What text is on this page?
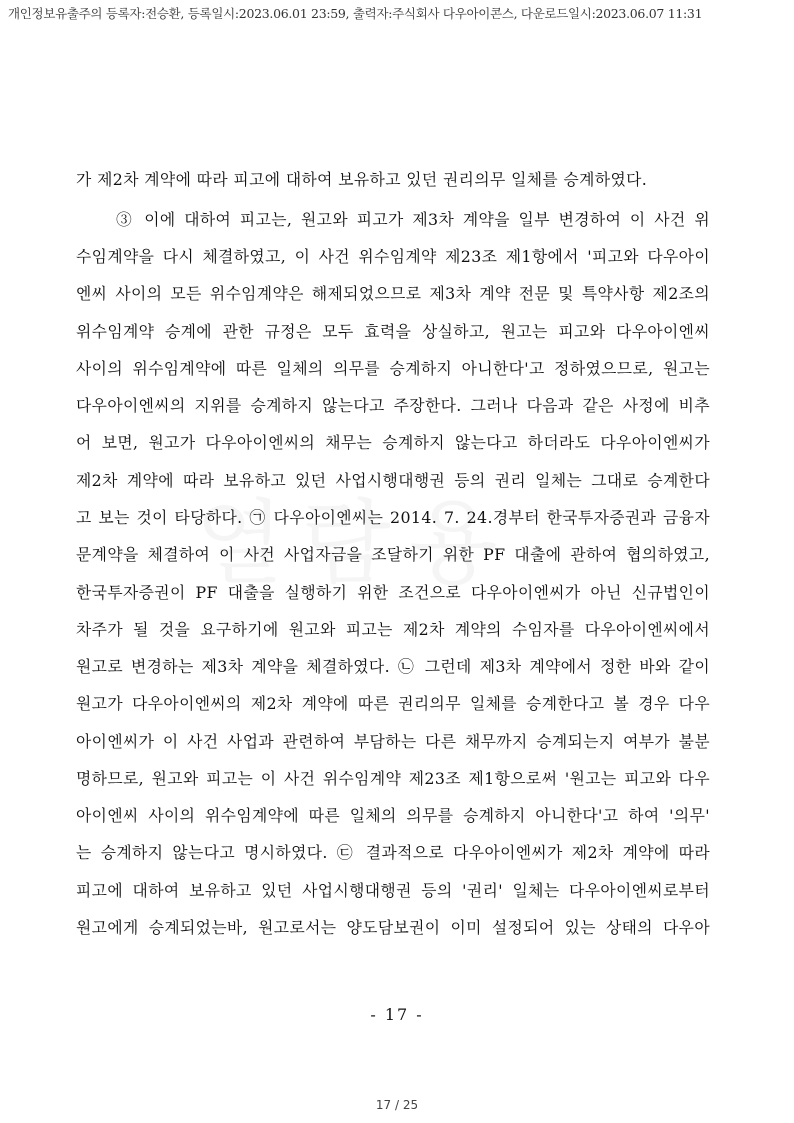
개인정보유출주의 등록자:전승환, 등록일시:2023.06.01 23:59, 출력자:주식회사 다우아이콘스, 다운로드일시:2023.06.07 11:31
가 제2차 계약에 따라 피고에 대하여 보유하고 있던 권리의무 일체를 승계하였다.
③ 이에 대하여 피고는, 원고와 피고가 제3차 계약을 일부 변경하여 이 사건 위
수임계약을 다시 체결하였고, 이 사건 위수임계약 제23조 제1항에서 '피고와 다우아이
엔씨 사이의 모든 위수임계약은 해제되었으므로 제3차 계약 전문 및 특약사항 제2조의
위수임계약 승계에 관한 규정은 모두 효력을 상실하고, 원고는 피고와 다우아이엔씨
사이의 위수임계약에 따른 일체의 의무를 승계하지 아니한다'고 정하였으므로, 원고는
다우아이엔씨의 지위를 승계하지 않는다고 주장한다. 그러나 다음과 같은 사정에 비추
어 보면, 원고가 다우아이엔씨의 채무는 승계하지 않는다고 하더라도 다우아이엔씨가
제2차 계약에 따라 보유하고 있던 사업시행대행권 등의 권리 일체는 그대로 승계한다
고 보는 것이 타당하다. ㉠ 다우아이엔씨는 2014. 7. 24.경부터 한국투자증권과 금융자
문계약을 체결하여 이 사건 사업자금을 조달하기 위한 PF 대출에 관하여 협의하였고,
한국투자증권이 PF 대출을 실행하기 위한 조건으로 다우아이엔씨가 아닌 신규법인이
차주가 될 것을 요구하기에 원고와 피고는 제2차 계약의 수임자를 다우아이엔씨에서
원고로 변경하는 제3차 계약을 체결하였다. ㉡ 그런데 제3차 계약에서 정한 바와 같이
원고가 다우아이엔씨의 제2차 계약에 따른 권리의무 일체를 승계한다고 볼 경우 다우
아이엔씨가 이 사건 사업과 관련하여 부담하는 다른 채무까지 승계되는지 여부가 불분
명하므로, 원고와 피고는 이 사건 위수임계약 제23조 제1항으로써 '원고는 피고와 다우
아이엔씨 사이의 위수임계약에 따른 일체의 의무를 승계하지 아니한다'고 하여 '의무'
는 승계하지 않는다고 명시하였다. ㉢ 결과적으로 다우아이엔씨가 제2차 계약에 따라
피고에 대하여 보유하고 있던 사업시행대행권 등의 '권리' 일체는 다우아이엔씨로부터
원고에게 승계되었는바, 원고로서는 양도담보권이 이미 설정되어 있는 상태의 다우아
- 17 -
17 / 25
